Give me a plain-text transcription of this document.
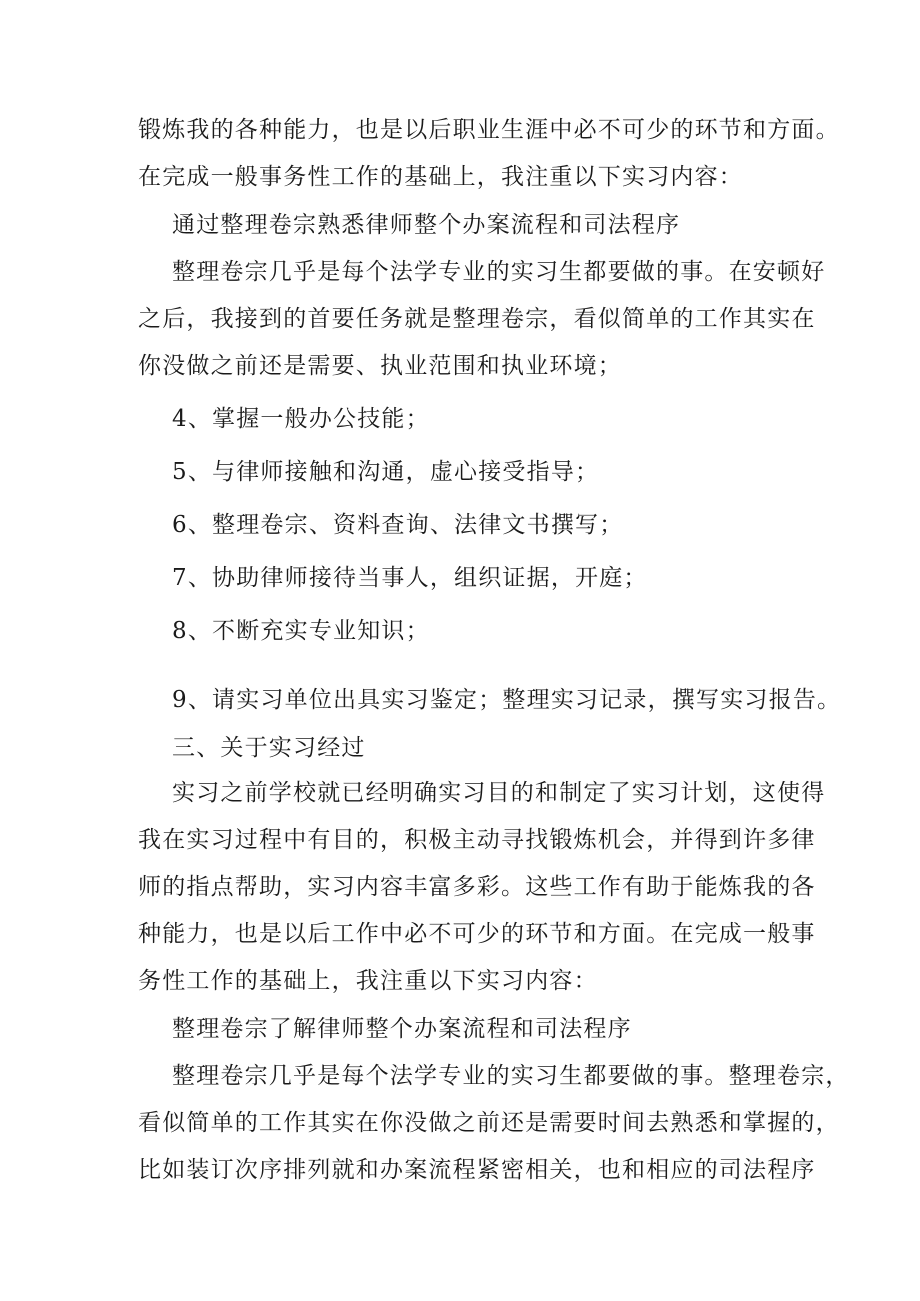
锻炼我的各种能力，也是以后职业生涯中必不可少的环节和方面。
在完成一般事务性工作的基础上，我注重以下实习内容：
通过整理卷宗熟悉律师整个办案流程和司法程序
整理卷宗几乎是每个法学专业的实习生都要做的事。在安顿好
之后，我接到的首要任务就是整理卷宗，看似简单的工作其实在
你没做之前还是需要、执业范围和执业环境；
4、掌握一般办公技能；
5、与律师接触和沟通，虚心接受指导；
6、整理卷宗、资料查询、法律文书撰写；
7、协助律师接待当事人，组织证据，开庭；
8、不断充实专业知识；
9、请实习单位出具实习鉴定；整理实习记录，撰写实习报告。
三、关于实习经过
实习之前学校就已经明确实习目的和制定了实习计划，这使得
我在实习过程中有目的，积极主动寻找锻炼机会，并得到许多律
师的指点帮助，实习内容丰富多彩。这些工作有助于能炼我的各
种能力，也是以后工作中必不可少的环节和方面。在完成一般事
务性工作的基础上，我注重以下实习内容：
整理卷宗了解律师整个办案流程和司法程序
整理卷宗几乎是每个法学专业的实习生都要做的事。整理卷宗，
看似简单的工作其实在你没做之前还是需要时间去熟悉和掌握的，
比如装订次序排列就和办案流程紧密相关，也和相应的司法程序
